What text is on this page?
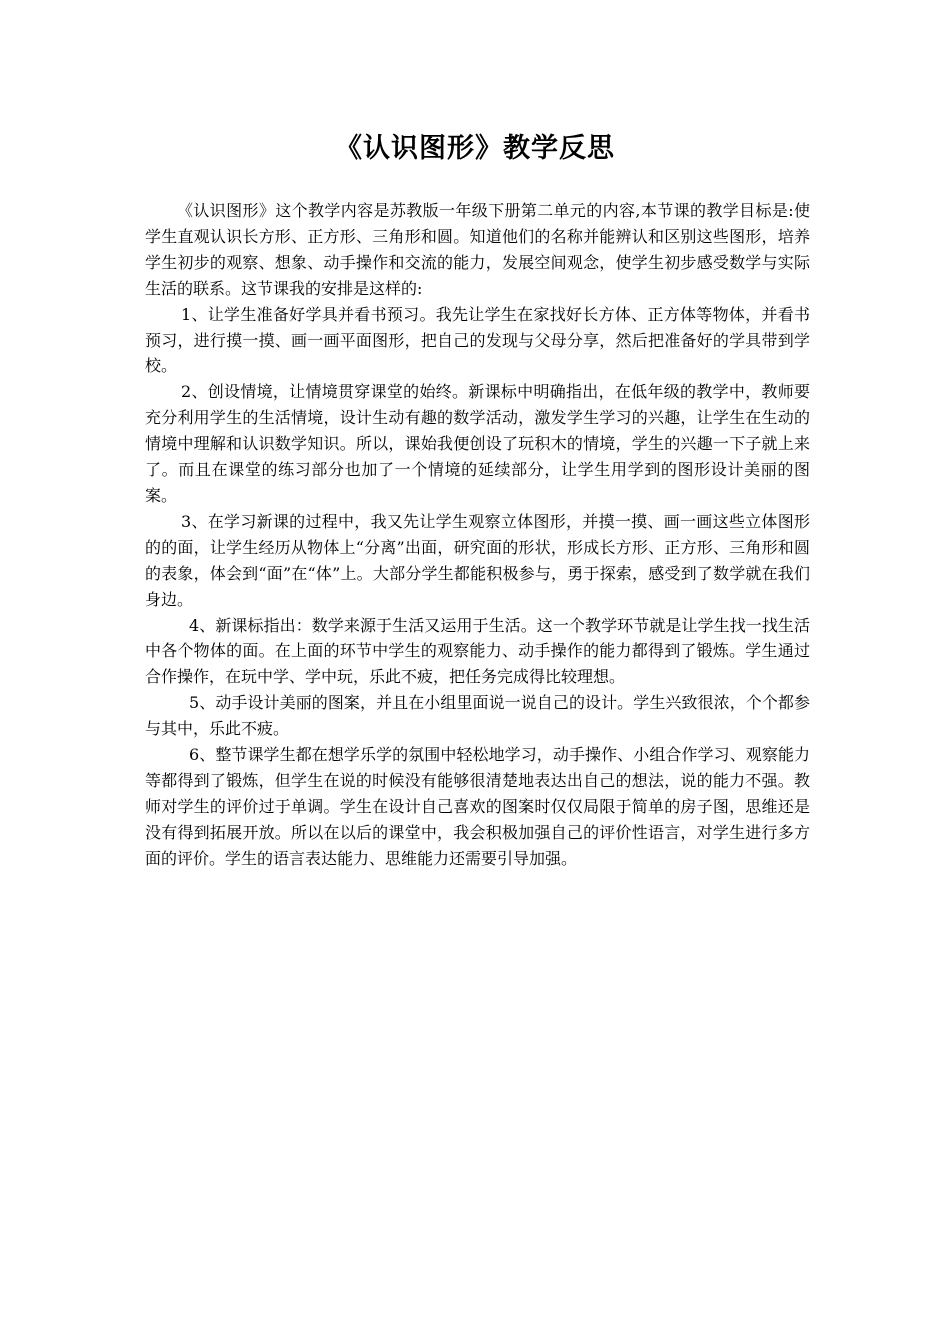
《认识图形》教学反思

《认识图形》这个教学内容是苏教版一年级下册第二单元的内容,本节课的教学目标是:使学生直观认识长方形、正方形、三角形和圆。知道他们的名称并能辨认和区别这些图形，培养学生初步的观察、想象、动手操作和交流的能力，发展空间观念，使学生初步感受数学与实际生活的联系。这节课我的安排是这样的:

1、让学生准备好学具并看书预习。我先让学生在家找好长方体、正方体等物体，并看书预习，进行摸一摸、画一画平面图形，把自己的发现与父母分享，然后把准备好的学具带到学校。

2、创设情境，让情境贯穿课堂的始终。新课标中明确指出，在低年级的教学中，教师要充分利用学生的生活情境，设计生动有趣的数学活动，激发学生学习的兴趣，让学生在生动的情境中理解和认识数学知识。所以，课始我便创设了玩积木的情境，学生的兴趣一下子就上来了。而且在课堂的练习部分也加了一个情境的延续部分，让学生用学到的图形设计美丽的图案。

3、在学习新课的过程中，我又先让学生观察立体图形，并摸一摸、画一画这些立体图形的的面，让学生经历从物体上“分离”出面，研究面的形状，形成长方形、正方形、三角形和圆的表象，体会到“面”在“体”上。大部分学生都能积极参与，勇于探索，感受到了数学就在我们身边。

4、新课标指出：数学来源于生活又运用于生活。这一个教学环节就是让学生找一找生活中各个物体的面。在上面的环节中学生的观察能力、动手操作的能力都得到了锻炼。学生通过合作操作，在玩中学、学中玩，乐此不疲，把任务完成得比较理想。

5、动手设计美丽的图案，并且在小组里面说一说自己的设计。学生兴致很浓，个个都参与其中，乐此不疲。

6、整节课学生都在想学乐学的氛围中轻松地学习，动手操作、小组合作学习、观察能力等都得到了锻炼，但学生在说的时候没有能够很清楚地表达出自己的想法，说的能力不强。教师对学生的评价过于单调。学生在设计自己喜欢的图案时仅仅局限于简单的房子图，思维还是没有得到拓展开放。所以在以后的课堂中，我会积极加强自己的评价性语言，对学生进行多方面的评价。学生的语言表达能力、思维能力还需要引导加强。
